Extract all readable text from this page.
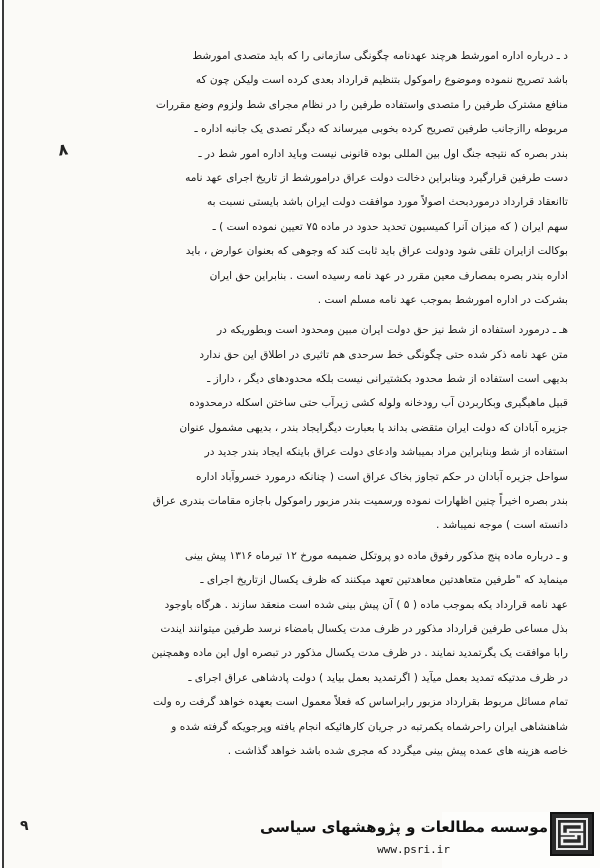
۸
۹
د ـ درباره اداره امورشط هرچند عهدنامه چگونگی سازمانی را که باید متصدی امورشط
باشد تصریح ننموده وموضوع راموکول بتنظیم قرارداد بعدی کرده است ولیکن چون که
منافع مشترک طرفین را متصدی واستفاده طرفین را در نظام مجرای شط ولزوم وضع مقررات
مربوطه راازجانب طرفین تصریح کرده بخوبی میرساند که دیگر تصدی یک جانبه اداره ـ
بندر بصره که نتیجه جنگ اول بین المللی بوده قانونی نیست وباید اداره امور شط در ـ
دست طرفین قرارگیرد وبنابراین دخالت دولت عراق درامورشط از تاریخ اجرای عهد نامه
تاانعقاد قرارداد درموردبحث اصولاً مورد موافقت دولت ایران باشد بایستی نسبت به
سهم ایران ( که میزان آنرا کمیسیون تحدید حدود در ماده ۷۵ تعیین نموده است ) ـ
بوکالت ازایران تلقی شود ودولت عراق باید ثابت کند که وجوهی که بعنوان عوارض ، باید
اداره بندر بصره بمصارف معین مقرر در عهد نامه رسیده است . بنابراین حق ایران
بشرکت در اداره امورشط بموجب عهد نامه مسلم است .
هـ ـ درمورد استفاده از شط نیز حق دولت ایران مبین ومحدود است وبطوریکه در
متن عهد نامه ذکر شده حتی چگونگی خط سرحدی هم تاثیری در اطلاق این حق ندارد
بدیهی است استفاده از شط محدود بکشتیرانی نیست بلکه محدودهای دیگر ، داراز ـ
قبیل ماهیگیری وبکاربردن آب رودخانه ولوله کشی زیرآب حتی ساختن اسکله درمحدوده
جزیره آبادان که دولت ایران متقضی بداند یا بعبارت دیگرایجاد بندر ، بدیهی مشمول عنوان
استفاده از شط وبنابراین مراد بمیباشد وادعای دولت عراق باینکه ایجاد بندر جدید در
سواحل جزیره آبادان در حکم تجاوز بخاک عراق است ( چنانکه درمورد خسروآباد اداره
بندر بصره اخیراً چنین اظهارات نموده ورسمیت بندر مزبور راموکول باجازه مقامات بندری عراق
دانسته است ) موجه نمیباشد .
و ـ درباره ماده پنج مذکور رفوق ماده دو پروتکل ضمیمه مورخ ۱۲ تیرماه ۱۳۱۶ پیش بینی
مینماید که "طرفین متعاهدتین معاهدتین تعهد میکنند که ظرف یکسال ازتاریخ اجرای ـ
عهد نامه قرارداد یکه بموجب ماده ( ۵ ) آن پیش بینی شده است منعقد سازند . هرگاه باوجود
بذل مساعی طرفین قرارداد مذکور در ظرف مدت یکسال بامضاء نرسد طرفین میتوانند ایندت
رابا موافقت یک یگرتمدید نمایند . در ظرف مدت یکسال مذکور در تبصره اول این ماده وهمچنین
در ظرف مدتیکه تمدید بعمل میآید ( اگرتمدید بعمل بیاید ) دولت پادشاهی عراق اجرای ـ
تمام مسائل مربوط بقرارداد مزبور رابراساس که فعلاً معمول است بعهده خواهد گرفت ره ولت
شاهنشاهی ایران راحرشماه یکمرتبه در جریان کارهائیکه انجام یافته وپرجویکه گرفته شده و
خاصه هزینه های عمده پیش بینی میگردد که مجری شده باشد خواهد گذاشت .
موسسه مطالعات و پژوهشهای سیاسی
www.psri.ir
